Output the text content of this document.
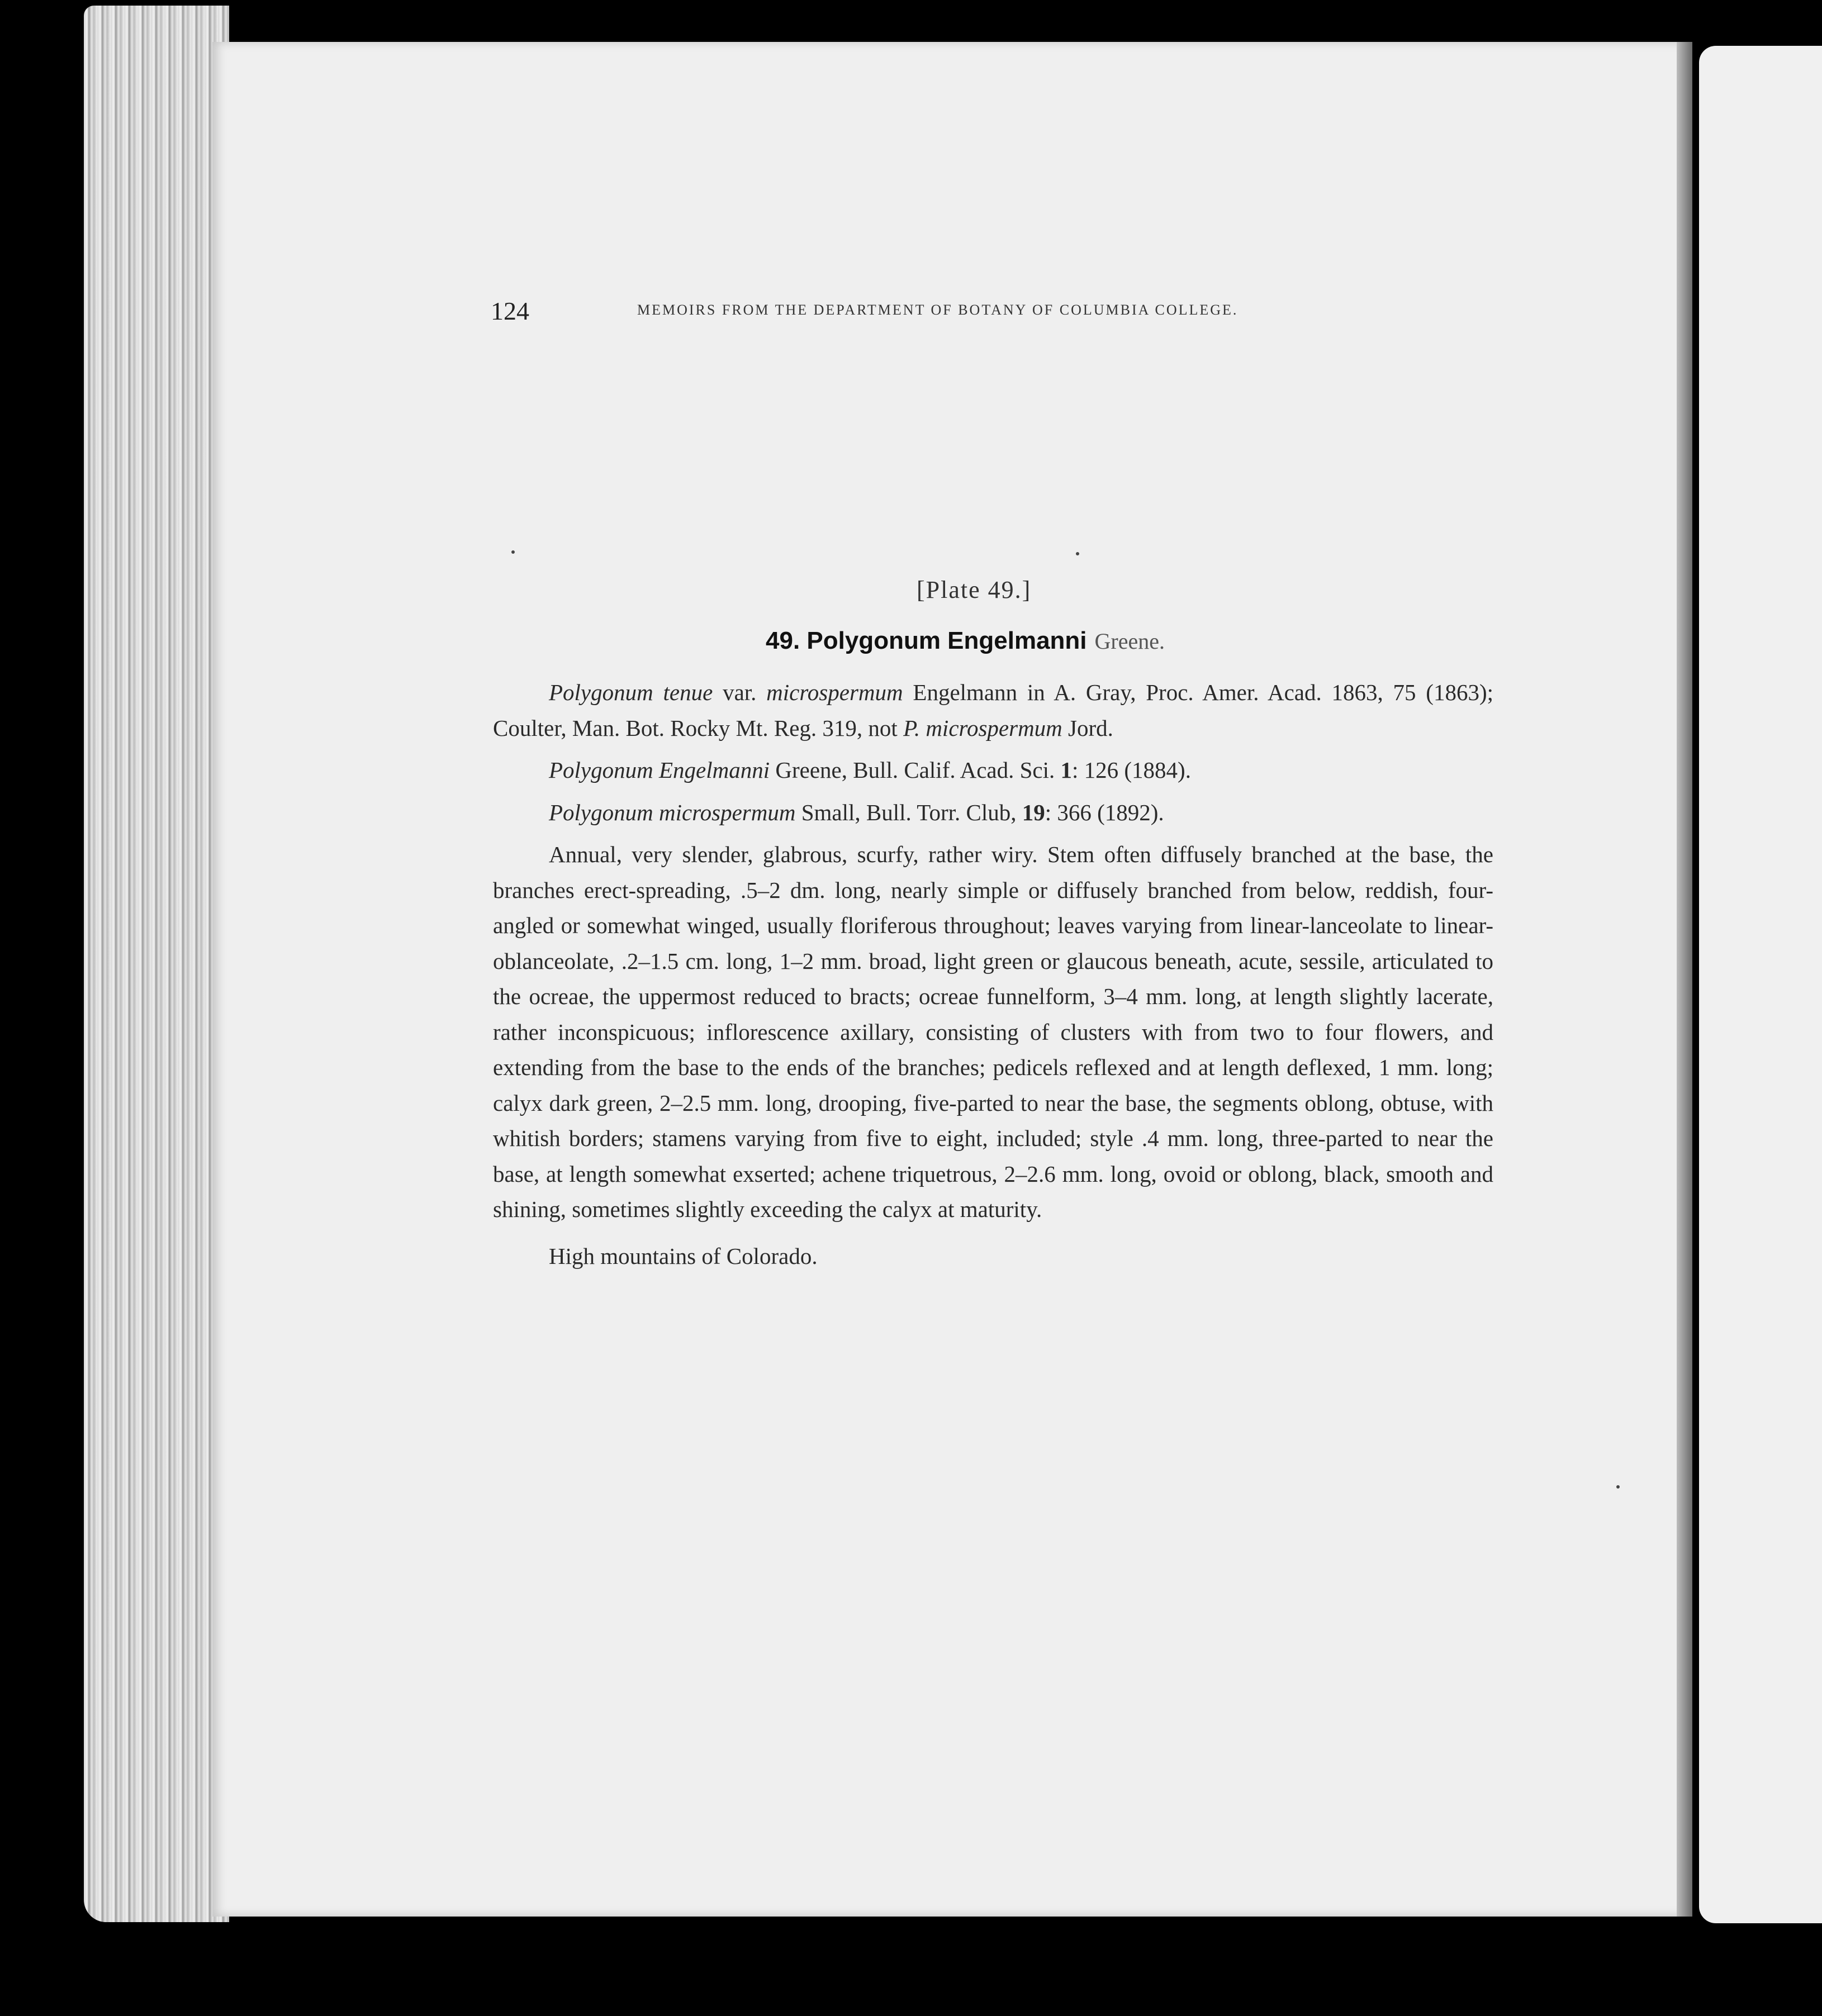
124	MEMOIRS FROM THE DEPARTMENT OF BOTANY OF COLUMBIA COLLEGE.
[Plate 49.]
49. Polygonum Engelmanni Greene.

Polygonum tenue var. microspermum Engelmann in A. Gray, Proc. Amer. Acad. 1863, 75 (1863); Coulter, Man. Bot. Rocky Mt. Reg. 319, not P. microspermum Jord.

Polygonum Engelmanni Greene, Bull. Calif. Acad. Sci. 1: 126 (1884).

Polygonum microspermum Small, Bull. Torr. Club, 19: 366 (1892).

Annual, very slender, glabrous, scurfy, rather wiry. Stem often diffusely branched at the base, the branches erect-spreading, .5–2 dm. long, nearly simple or diffusely branched from below, reddish, four-angled or somewhat winged, usually floriferous throughout; leaves varying from linear-lanceolate to linear-oblanceolate, .2–1.5 cm. long, 1–2 mm. broad, light green or glaucous beneath, acute, sessile, articulated to the ocreae, the uppermost reduced to bracts; ocreae funnelform, 3–4 mm. long, at length slightly lacerate, rather inconspicuous; inflorescence axillary, consisting of clusters with from two to four flowers, and extending from the base to the ends of the branches; pedicels reflexed and at length deflexed, 1 mm. long; calyx dark green, 2–2.5 mm. long, drooping, five-parted to near the base, the segments oblong, obtuse, with whitish borders; stamens varying from five to eight, included; style .4 mm. long, three-parted to near the base, at length somewhat exserted; achene triquetrous, 2–2.6 mm. long, ovoid or oblong, black, smooth and shining, sometimes slightly exceeding the calyx at maturity.

High mountains of Colorado.
